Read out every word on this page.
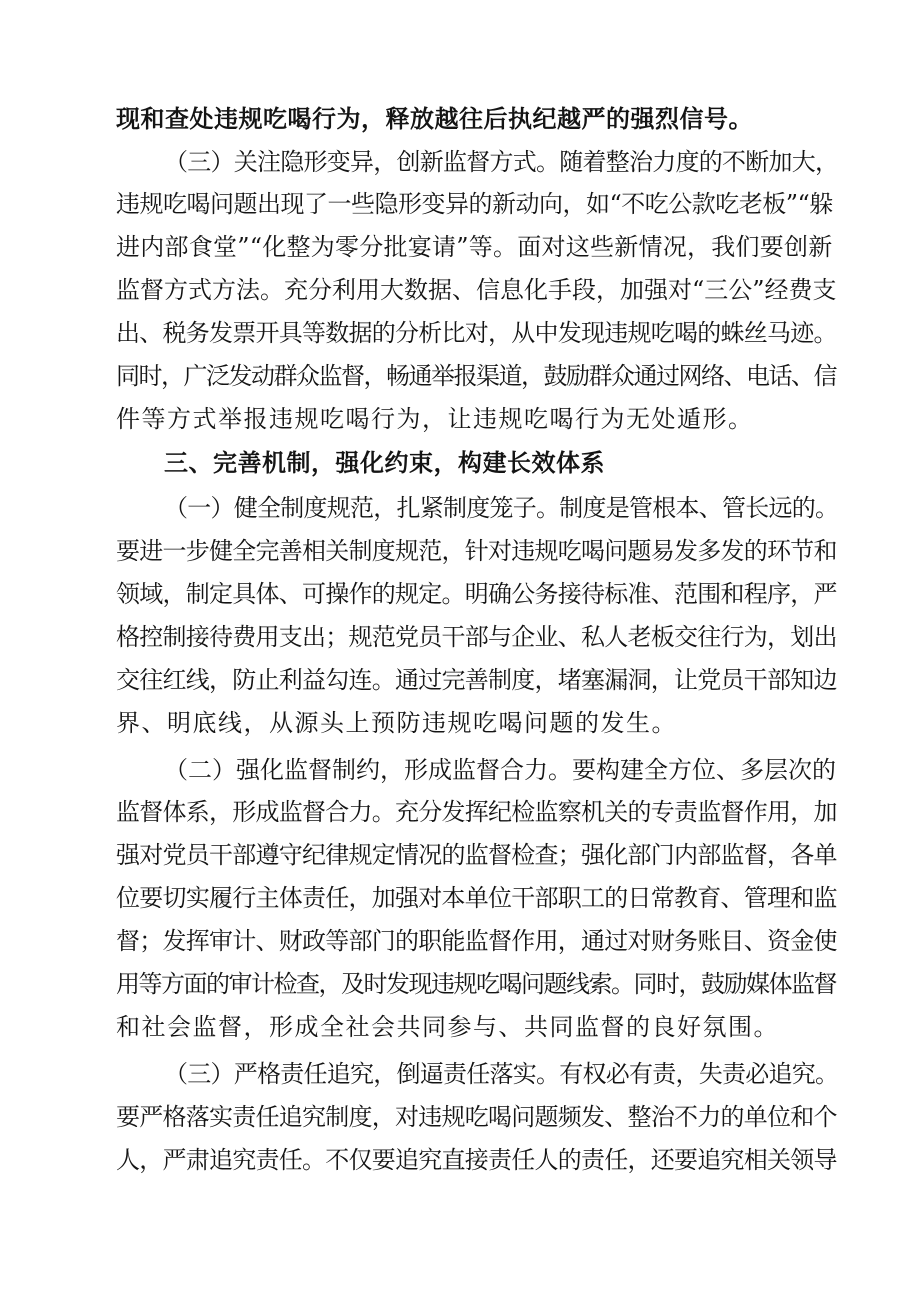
现和查处违规吃喝行为，释放越往后执纪越严的强烈信号。
（三）关注隐形变异，创新监督方式。随着整治力度的不断加大，
违规吃喝问题出现了一些隐形变异的新动向，如“不吃公款吃老板”“躲
进内部食堂”“化整为零分批宴请”等。面对这些新情况，我们要创新
监督方式方法。充分利用大数据、信息化手段，加强对“三公”经费支
出、税务发票开具等数据的分析比对，从中发现违规吃喝的蛛丝马迹。
同时，广泛发动群众监督，畅通举报渠道，鼓励群众通过网络、电话、信
件等方式举报违规吃喝行为，让违规吃喝行为无处遁形。
三、完善机制，强化约束，构建长效体系
（一）健全制度规范，扎紧制度笼子。制度是管根本、管长远的。
要进一步健全完善相关制度规范，针对违规吃喝问题易发多发的环节和
领域，制定具体、可操作的规定。明确公务接待标准、范围和程序，严
格控制接待费用支出；规范党员干部与企业、私人老板交往行为，划出
交往红线，防止利益勾连。通过完善制度，堵塞漏洞，让党员干部知边
界、明底线，从源头上预防违规吃喝问题的发生。
（二）强化监督制约，形成监督合力。要构建全方位、多层次的
监督体系，形成监督合力。充分发挥纪检监察机关的专责监督作用，加
强对党员干部遵守纪律规定情况的监督检查；强化部门内部监督，各单
位要切实履行主体责任，加强对本单位干部职工的日常教育、管理和监
督；发挥审计、财政等部门的职能监督作用，通过对财务账目、资金使
用等方面的审计检查，及时发现违规吃喝问题线索。同时，鼓励媒体监督
和社会监督，形成全社会共同参与、共同监督的良好氛围。
（三）严格责任追究，倒逼责任落实。有权必有责，失责必追究。
要严格落实责任追究制度，对违规吃喝问题频发、整治不力的单位和个
人，严肃追究责任。不仅要追究直接责任人的责任，还要追究相关领导
